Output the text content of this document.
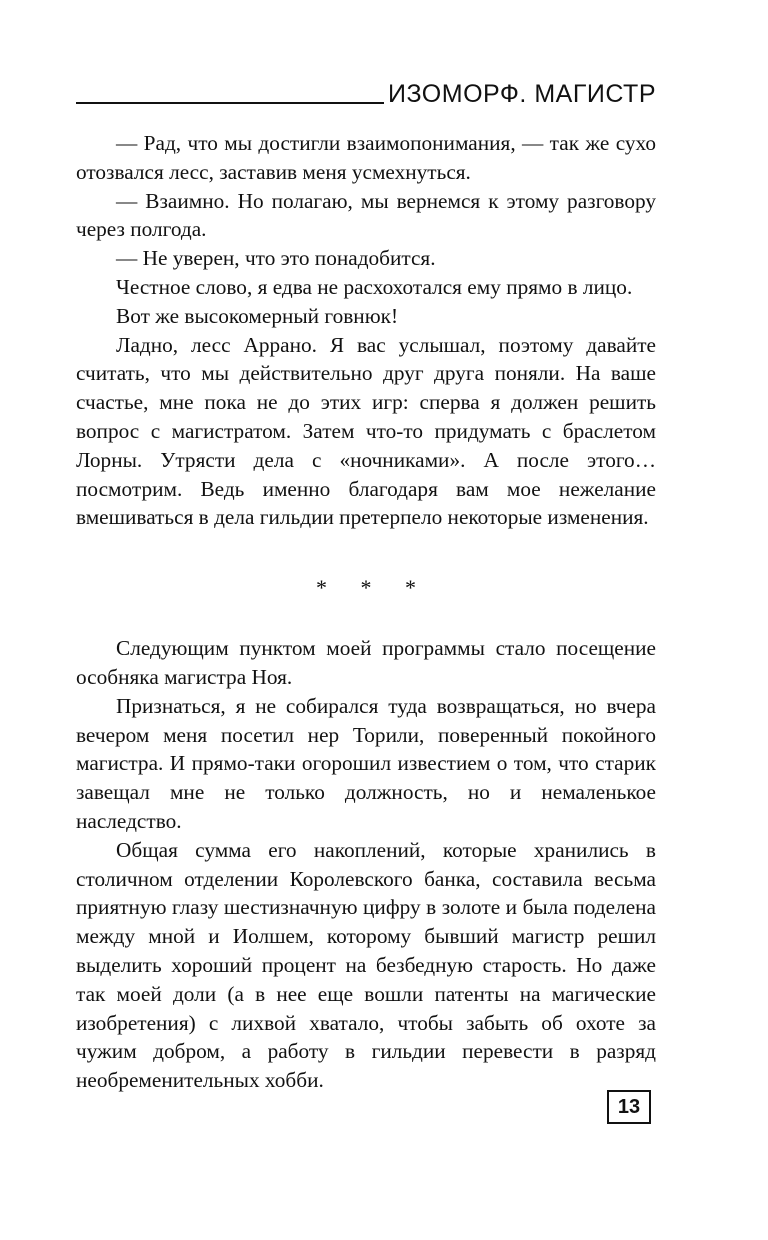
ИЗОМОРФ. МАГИСТР

— Рад, что мы достигли взаимопонимания, — так же сухо отозвался лесс, заставив меня усмехнуться.

— Взаимно. Но полагаю, мы вернемся к этому разговору через полгода.

— Не уверен, что это понадобится.

Честное слово, я едва не расхохотался ему прямо в лицо.

Вот же высокомерный говнюк!

Ладно, лесс Аррано. Я вас услышал, поэтому давайте считать, что мы действительно друг друга поняли. На ваше счастье, мне пока не до этих игр: сперва я должен решить вопрос с магистратом. Затем что-то придумать с браслетом Лорны. Утрясти дела с «ночниками». А после этого… посмотрим. Ведь именно благодаря вам мое нежелание вмешиваться в дела гильдии претерпело некоторые изменения.

* * *

Следующим пунктом моей программы стало посещение особняка магистра Ноя.

Признаться, я не собирался туда возвращаться, но вчера вечером меня посетил нер Торили, поверенный покойного магистра. И прямо-таки огорошил известием о том, что старик завещал мне не только должность, но и немаленькое наследство.

Общая сумма его накоплений, которые хранились в столичном отделении Королевского банка, составила весьма приятную глазу шестизначную цифру в золоте и была поделена между мной и Иолшем, которому бывший магистр решил выделить хороший процент на безбедную старость. Но даже так моей доли (а в нее еще вошли патенты на магические изобретения) с лихвой хватало, чтобы забыть об охоте за чужим добром, а работу в гильдии перевести в разряд необременительных хобби.

13
